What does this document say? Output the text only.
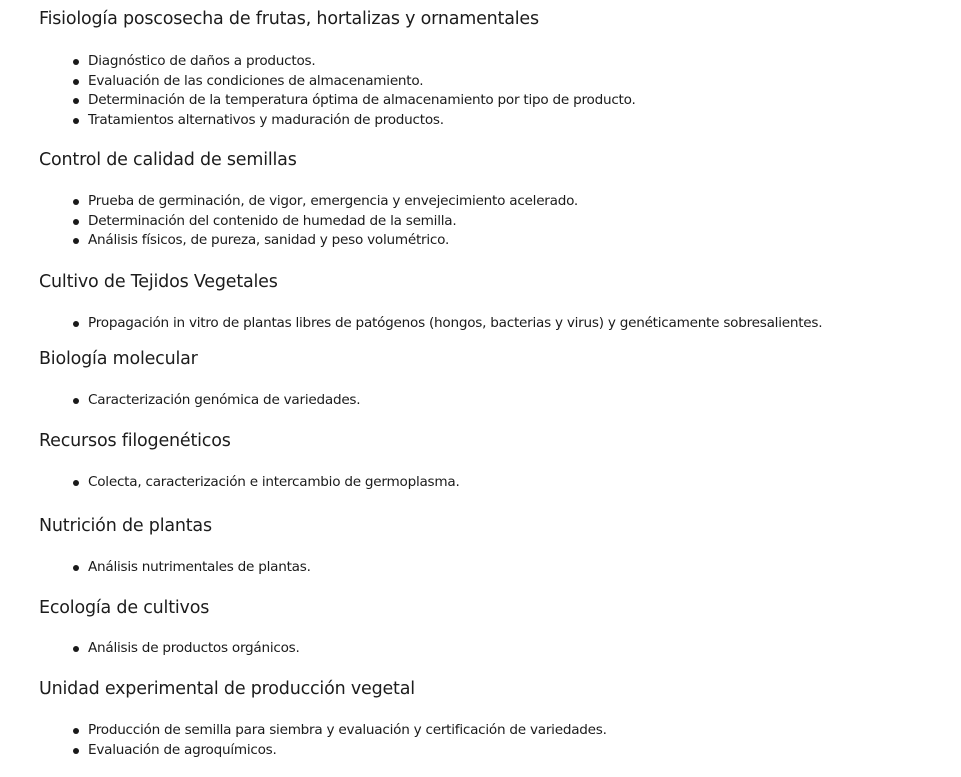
Fisiología poscosecha de frutas, hortalizas y ornamentales
Diagnóstico de daños a productos.
Evaluación de las condiciones de almacenamiento.
Determinación de la temperatura óptima de almacenamiento por tipo de producto.
Tratamientos alternativos y maduración de productos.
Control de calidad de semillas
Prueba de germinación, de vigor, emergencia y envejecimiento acelerado.
Determinación del contenido de humedad de la semilla.
Análisis físicos, de pureza, sanidad y peso volumétrico.
Cultivo de Tejidos Vegetales
Propagación in vitro de plantas libres de patógenos (hongos, bacterias y virus) y genéticamente sobresalientes.
Biología molecular
Caracterización genómica de variedades.
Recursos filogenéticos
Colecta, caracterización e intercambio de germoplasma.
Nutrición de plantas
Análisis nutrimentales de plantas.
Ecología de cultivos
Análisis de productos orgánicos.
Unidad experimental de producción vegetal
Producción de semilla para siembra y evaluación y certificación de variedades.
Evaluación de agroquímicos.
